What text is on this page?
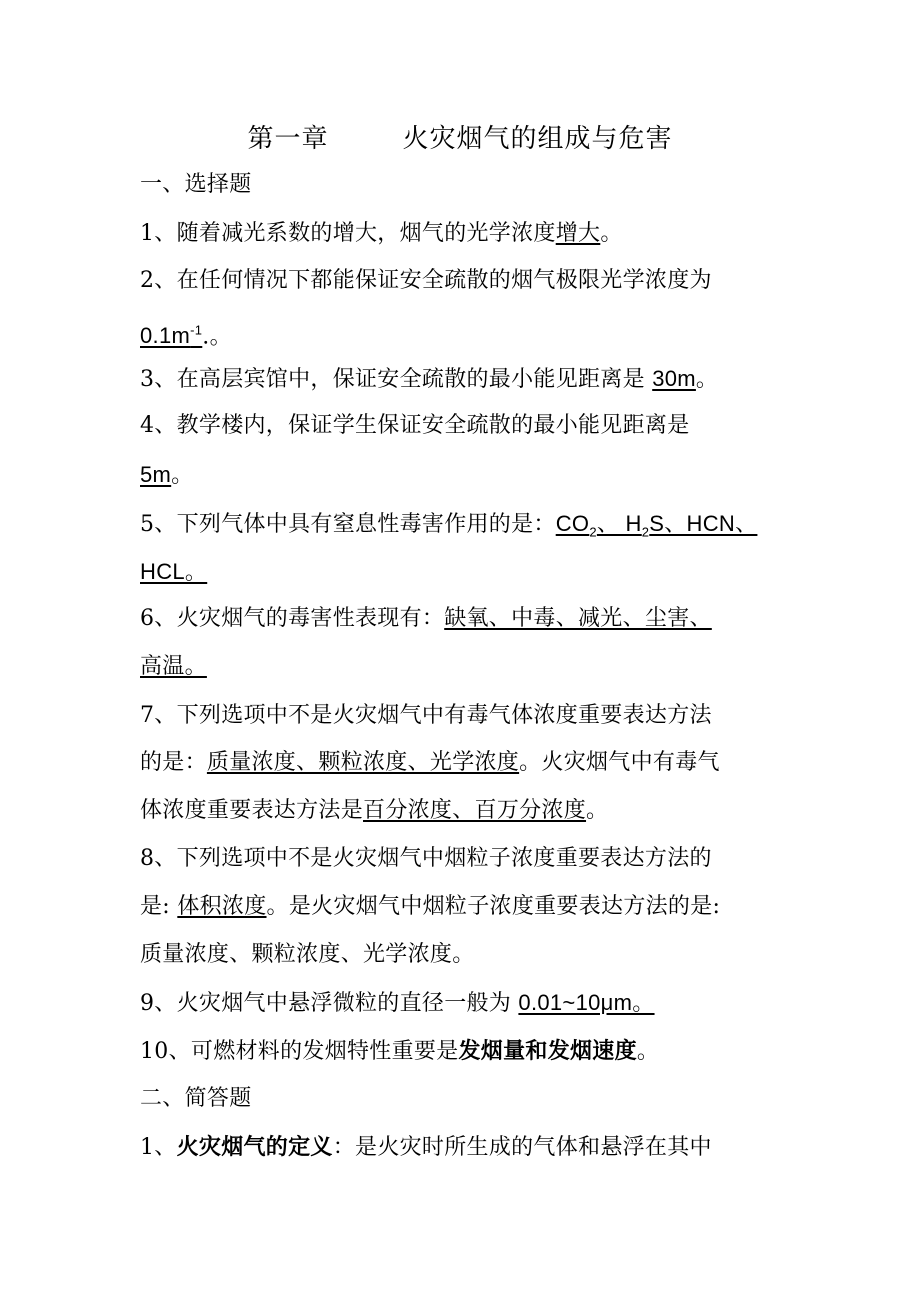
第一章        火灾烟气的组成与危害
一、选择题
1、随着减光系数的增大，烟气的光学浓度增大。
2、在任何情况下都能保证安全疏散的烟气极限光学浓度为
$0.1m^{-1}$.。
3、在高层宾馆中，保证安全疏散的最小能见距离是 30m。
4、教学楼内，保证学生保证安全疏散的最小能见距离是
5m。
5、下列气体中具有窒息性毒害作用的是：$CO_2$、 $H_2S$、HCN、
HCL。
6、火灾烟气的毒害性表现有：缺氧、中毒、减光、尘害、
高温。
7、下列选项中不是火灾烟气中有毒气体浓度重要表达方法
的是：质量浓度、颗粒浓度、光学浓度。火灾烟气中有毒气
体浓度重要表达方法是百分浓度、百万分浓度。
8、下列选项中不是火灾烟气中烟粒子浓度重要表达方法的
是: 体积浓度。是火灾烟气中烟粒子浓度重要表达方法的是:
质量浓度、颗粒浓度、光学浓度。
9、火灾烟气中悬浮微粒的直径一般为 0.01~10μm。
10、可燃材料的发烟特性重要是发烟量和发烟速度。
二、简答题
1、火灾烟气的定义：是火灾时所生成的气体和悬浮在其中
